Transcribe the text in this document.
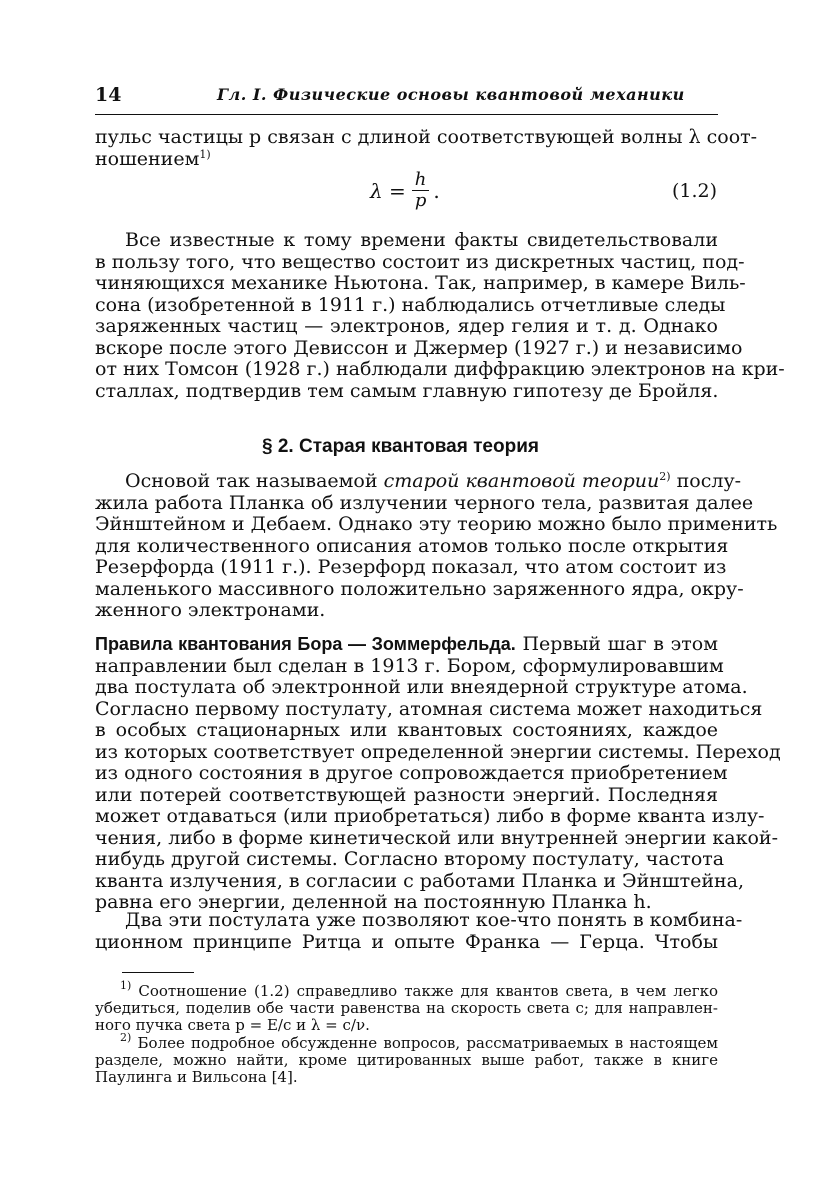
14	Гл. I. Физические основы квантовой механики
пульс частицы p связан с длиной соответствующей волны λ соот-
ношением$^{1)}$
$\lambda = \frac{h}{p}$ .	(1.2)
Все известные к тому времени факты свидетельствовали
в пользу того, что вещество состоит из дискретных частиц, под-
чиняющихся механике Ньютона. Так, например, в камере Виль-
сона (изобретенной в 1911 г.) наблюдались отчетливые следы
заряженных частиц — электронов, ядер гелия и т. д. Однако
вскоре после этого Девиссон и Джермер (1927 г.) и независимо
от них Томсон (1928 г.) наблюдали диффракцию электронов на кри-
сталлах, подтвердив тем самым главную гипотезу де Бройля.
§ 2. Старая квантовая теория
Основой так называемой старой квантовой теории$^{2)}$ послу-
жила работа Планка об излучении черного тела, развитая далее
Эйнштейном и Дебаем. Однако эту теорию можно было применить
для количественного описания атомов только после открытия
Резерфорда (1911 г.). Резерфорд показал, что атом состоит из
маленького массивного положительно заряженного ядра, окру-
женного электронами.
Правила квантования Бора — Зоммерфельда. Первый шаг в этом
направлении был сделан в 1913 г. Бором, сформулировавшим
два постулата об электронной или внеядерной структуре атома.
Согласно первому постулату, атомная система может находиться
в особых стационарных или квантовых состояниях, каждое
из которых соответствует определенной энергии системы. Переход
из одного состояния в другое сопровождается приобретением
или потерей соответствующей разности энергий. Последняя
может отдаваться (или приобретаться) либо в форме кванта излу-
чения, либо в форме кинетической или внутренней энергии какой-
нибудь другой системы. Согласно второму постулату, частота
кванта излучения, в согласии с работами Планка и Эйнштейна,
равна его энергии, деленной на постоянную Планка h.
Два эти постулата уже позволяют кое-что понять в комбина-
ционном принципе Ритца и опыте Франка — Герца. Чтобы
$^{1)}$ Соотношение (1.2) справедливо также для квантов света, в чем легко
убедиться, поделив обе части равенства на скорость света c; для направлен-
ного пучка света p = E/c и λ = c/ν.
$^{2)}$ Более подробное обсужденне вопросов, рассматриваемых в настоящем
разделе, можно найти, кроме цитированных выше работ, также в книге
Паулинга и Вильсона [4].
